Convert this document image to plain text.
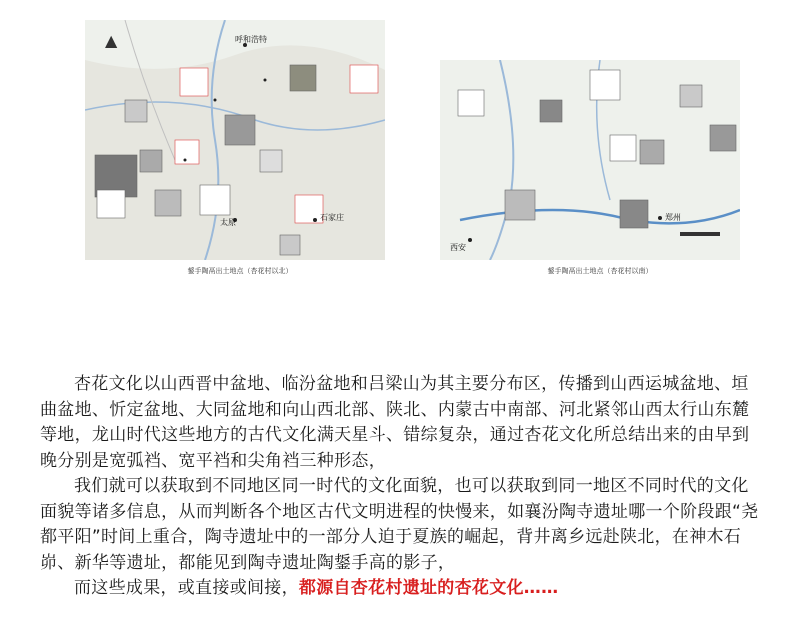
▲	呼和浩特
太原
石家庄
鋬手陶鬲出土地点（杏花村以北）
西安
郑州
鋬手陶鬲出土地点（杏花村以南）

杏花文化以山西晋中盆地、临汾盆地和吕梁山为其主要分布区，传播到山西运城盆地、垣曲盆地、忻定盆地、大同盆地和向山西北部、陕北、内蒙古中南部、河北紧邻山西太行山东麓等地，龙山时代这些地方的古代文化满天星斗、错综复杂，通过杏花文化所总结出来的由早到晚分别是宽弧裆、宽平裆和尖角裆三种形态，

我们就可以获取到不同地区同一时代的文化面貌，也可以获取到同一地区不同时代的文化面貌等诸多信息，从而判断各个地区古代文明进程的快慢来，如襄汾陶寺遗址哪一个阶段跟“尧都平阳”时间上重合，陶寺遗址中的一部分人迫于夏族的崛起，背井离乡远赴陕北，在神木石峁、新华等遗址，都能见到陶寺遗址陶鋬手高的影子，

而这些成果，或直接或间接，都源自杏花村遗址的杏花文化……
